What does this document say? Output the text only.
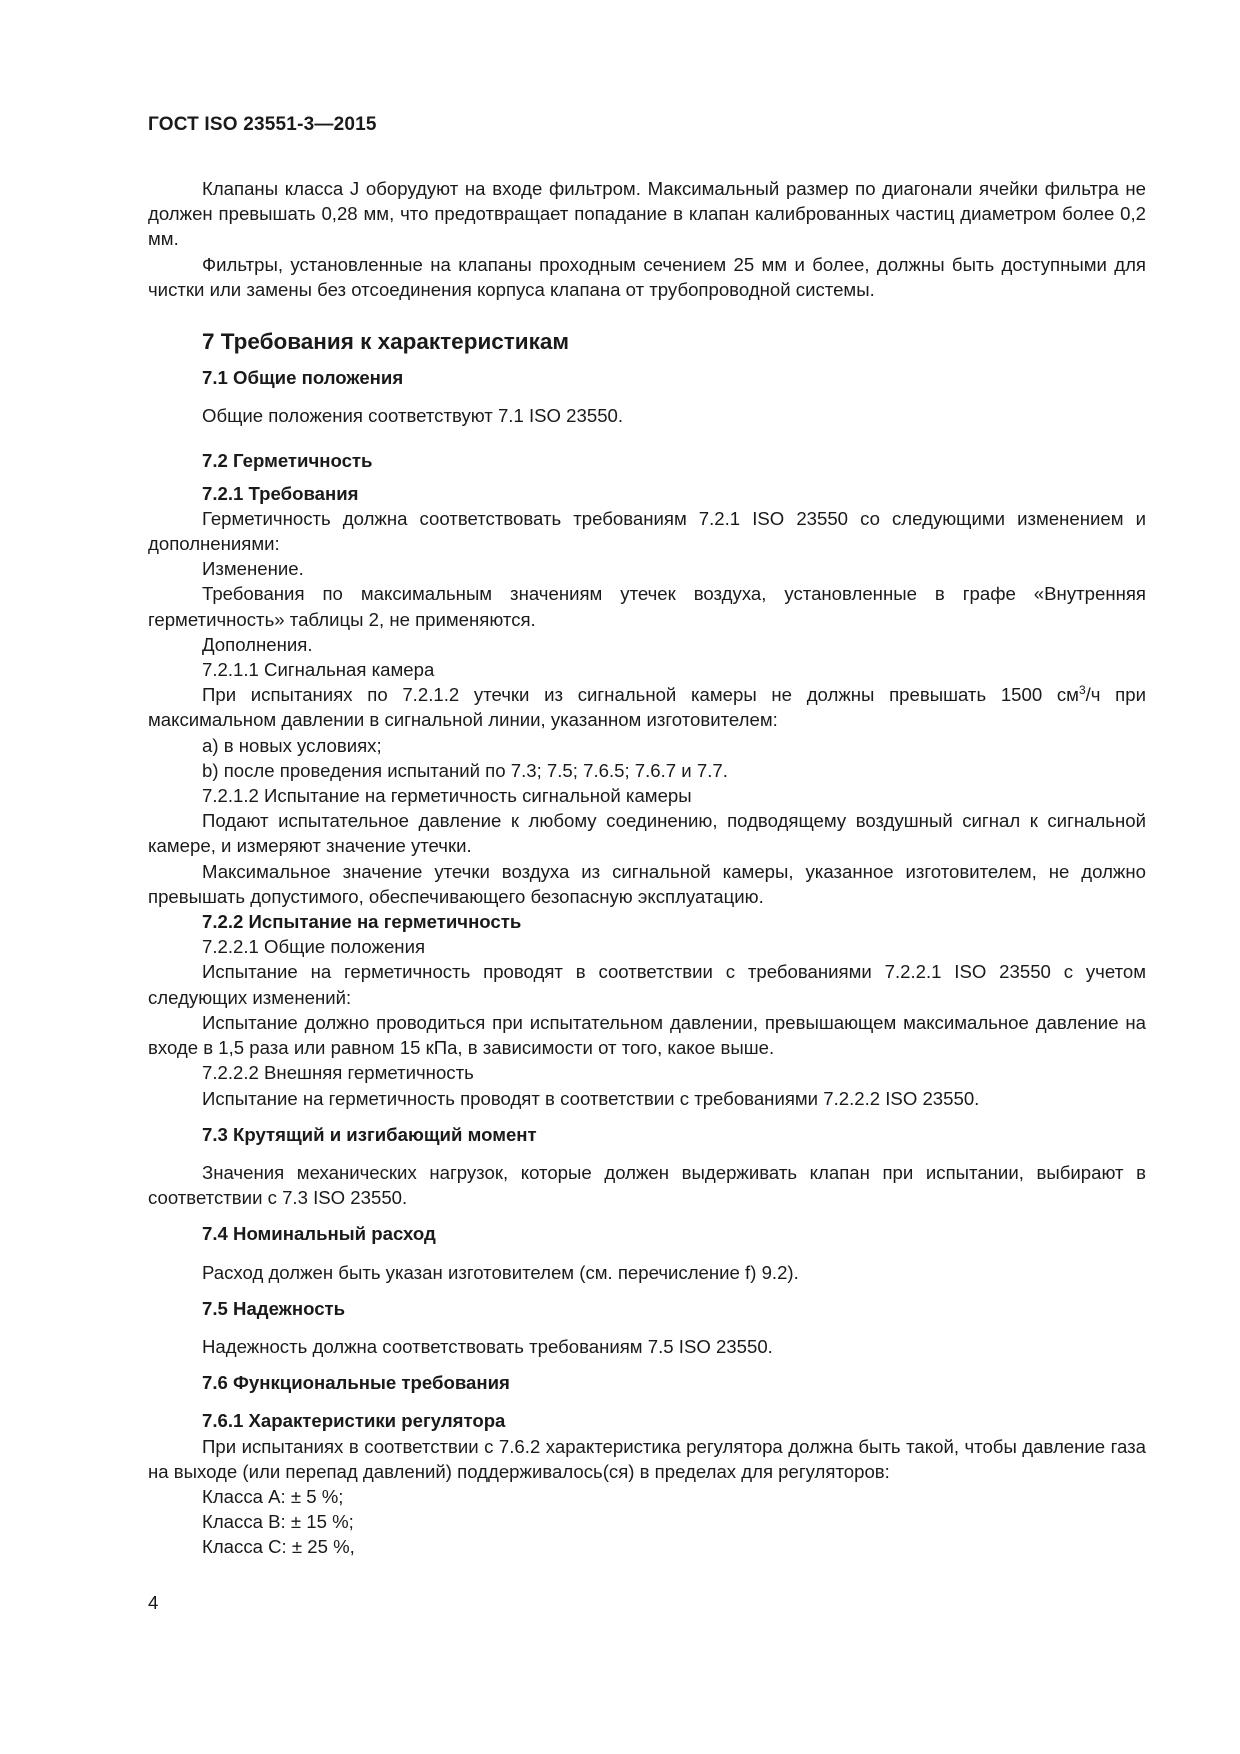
ГОСТ ISO 23551-3—2015

Клапаны класса J оборудуют на входе фильтром. Максимальный размер по диагонали ячейки фильтра не должен превышать 0,28 мм, что предотвращает попадание в клапан калиброванных частиц диаметром более 0,2 мм.

Фильтры, установленные на клапаны проходным сечением 25 мм и более, должны быть доступными для чистки или замены без отсоединения корпуса клапана от трубопроводной системы.

7 Требования к характеристикам

7.1 Общие положения

Общие положения соответствуют 7.1 ISO 23550.

7.2 Герметичность

7.2.1 Требования

Герметичность должна соответствовать требованиям 7.2.1 ISO 23550 со следующими изменением и дополнениями:

Изменение.

Требования по максимальным значениям утечек воздуха, установленные в графе «Внутренняя герметичность» таблицы 2, не применяются.

Дополнения.

7.2.1.1 Сигнальная камера

При испытаниях по 7.2.1.2 утечки из сигнальной камеры не должны превышать 1500 $см^3/ч$ при максимальном давлении в сигнальной линии, указанном изготовителем:

a) в новых условиях;

b) после проведения испытаний по 7.3; 7.5; 7.6.5; 7.6.7 и 7.7.

7.2.1.2 Испытание на герметичность сигнальной камеры

Подают испытательное давление к любому соединению, подводящему воздушный сигнал к сигнальной камере, и измеряют значение утечки.

Максимальное значение утечки воздуха из сигнальной камеры, указанное изготовителем, не должно превышать допустимого, обеспечивающего безопасную эксплуатацию.

7.2.2 Испытание на герметичность

7.2.2.1 Общие положения

Испытание на герметичность проводят в соответствии с требованиями 7.2.2.1 ISO 23550 с учетом следующих изменений:

Испытание должно проводиться при испытательном давлении, превышающем максимальное давление на входе в 1,5 раза или равном 15 кПа, в зависимости от того, какое выше.

7.2.2.2 Внешняя герметичность

Испытание на герметичность проводят в соответствии с требованиями 7.2.2.2 ISO 23550.

7.3 Крутящий и изгибающий момент

Значения механических нагрузок, которые должен выдерживать клапан при испытании, выбирают в соответствии с 7.3 ISO 23550.

7.4 Номинальный расход

Расход должен быть указан изготовителем (см. перечисление f) 9.2).

7.5 Надежность

Надежность должна соответствовать требованиям 7.5 ISO 23550.

7.6 Функциональные требования

7.6.1 Характеристики регулятора

При испытаниях в соответствии с 7.6.2 характеристика регулятора должна быть такой, чтобы давление газа на выходе (или перепад давлений) поддерживалось(ся) в пределах для регуляторов:

Класса А: ± 5 %;

Класса В: ± 15 %;

Класса С: ± 25 %,

4
